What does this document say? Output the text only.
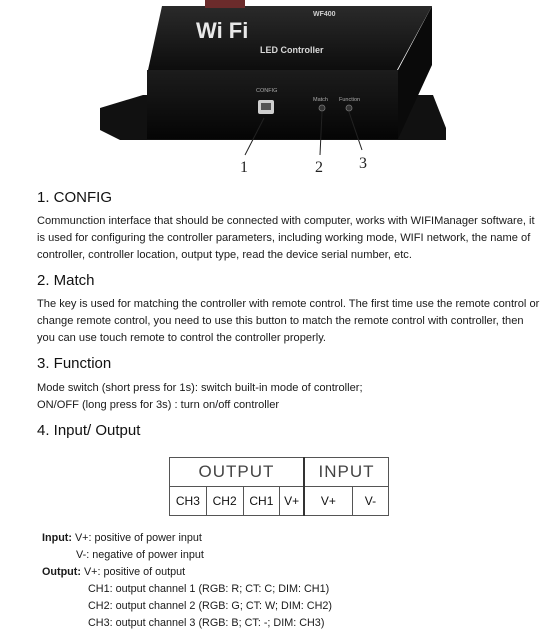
Wi Fi
WF400
LED Controller
CONFIG
Match Function
1	2 3
1. CONFIG
Communction interface that should be connected with computer, works with WIFIManager software, it
is used for configuring the controller parameters, including working mode, WIFI network, the name of
controller, controller location, output type, read the device serial number, etc.
2. Match
The key is used for matching the controller with remote control. The first time use the remote control or
change remote control, you need to use this button to match the remote control with controller, then
you can use touch remote to control the controller properly.
3. Function
Mode switch (short press for 1s): switch built-in mode of controller;
ON/OFF (long press for 3s) : turn on/off controller
4. Input/ Output
OUTPUT				INPUT	
CH3	CH2	CH1	V+	V+	V-
Input: V+: positive of power input
V-: negative of power input
Output: V+: positive of output
CH1: output channel 1 (RGB: R; CT: C; DIM: CH1)
CH2: output channel 2 (RGB: G; CT: W; DIM: CH2)
CH3: output channel 3 (RGB: B; CT: -; DIM: CH3)
